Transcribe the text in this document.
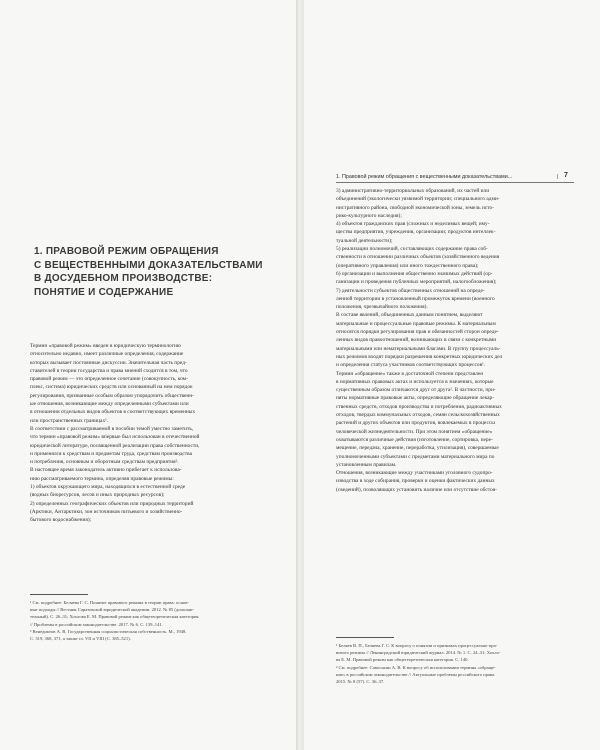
1. ПРАВОВОЙ РЕЖИМ ОБРАЩЕНИЯ
С ВЕЩЕСТВЕННЫМИ ДОКАЗАТЕЛЬСТВАМИ
В ДОСУДЕБНОМ ПРОИЗВОДСТВЕ:
ПОНЯТИЕ И СОДЕРЖАНИЕ
Термин «правовой режим» введен в юридическую терминологию
относительно недавно, имеет различные определения, содержание
которых вызывает постоянные дискуссии. Значительная часть пред-
ставителей в теории государства и права мнений сходится в том, что
правовой режим — это определенное сочетание (совокупность, ком-
плекс, система) юридических средств или основанный на нем порядок
регулирования, призванные особым образом упорядочить общественн-
ые отношения, возникающие между определенными субъектами или
в отношении отдельных видов объектов в соответствующих временных
или пространственных границах¹.
В соответствии с рассматриваемой в пособии темой уместно заметить,
что термин «правовой режим» впервые был использован в отечественной
юридической литературе, посвященной реализации права собственности,
и применялся к средствам и предметам труда, средствам производства
и потребления, основным и оборотным средствам предприятия².
В настоящее время законодатель активно прибегает к использова-
нию рассматриваемого термина, определяя правовые режимы:
1) объектов окружающего мира, находящихся в естественной среде
(водных биоресурсов, лесов и иных природных ресурсов);
2) определенных географических объектов или природных территорий
(Арктики, Антарктики, зон источников питьевого и хозяйственно-
бытового водоснабжения);
¹ См. подробнее: Беляева Г. С. Понятие правового режима в теории права: основ-
ные подходы // Вестник Саратовской юридической академии. 2012. № 85 (дополни-
тельный). С. 26–31; Хохлова Е. М. Правовой режим как общетеоретическая категория
// Проблемы в российском законодательстве. 2017. № 6. С. 139–141.
² Венедиктов А. В. Государственная социалистическая собственность. М., 1948.
С. 319, 368, 371, а также гл. VII и VIII (С. 385–521).
1. Правовой режим обращения с вещественными доказательствами...	| 7
3) административно-территориальных образований, их частей или
объединений (экологически уязвимой территории; специального адми-
нистративного района, свободной экономической зоны, земель исто-
рико-культурного наследия);
4) объектов гражданских прав (сложных и неделимых вещей; иму-
щества предприятия, учреждения, организации; продуктов интеллек-
туальной деятельности);
5) реализации полномочий, составляющих содержание права соб-
ственности в отношении различных объектов (хозяйственного ведения
(оперативного управления) или иного тождественного права);
6) организации и выполнения общественно значимых действий (ор-
ганизации и проведения публичных мероприятий, налогообложения);
7) деятельности субъектов общественных отношений на опреде-
ленной территории в установленный промежуток времени (военного
положения, чрезвычайного положения).
В составе явлений, объединенных данным понятием, выделяют
материальные и процессуальные правовые режимы. К материальным
относятся порядки регулирования прав и обязанностей сторон опреде-
ленных видов правоотношений, возникающих в связи с конкретными
материальными или нематериальными благами. В группу процессуаль-
ных режимов входят порядки разрешения конкретных юридических дел
и определения статуса участников соответствующих процессов¹.
Термин «обращение» также в достаточной степени представлен
в нормативных правовых актах и используется в значениях, которые
существенным образом отличаются друг от друга². В частности, при-
няты нормативные правовые акты, определяющие обращение лекар-
ственных средств, отходов производства и потребления, радиоактивных
отходов, твердых коммунальных отходов, семян сельскохозяйственных
растений и других объектов или продуктов, вовлекаемых в процессы
человеческой жизнедеятельности. При этом понятием «обращение»
охватываются различные действия (изготовление, сортировка, пере-
мещение, передача, хранение, переработка, утилизация), совершаемые
уполномоченными субъектами с предметами материального мира по
установленным правилам.
Отношения, возникающие между участниками уголовного судопро-
изводства в ходе собирания, проверки и оценки фактических данных
(сведений), позволяющих установить наличие или отсутствие обстоя-
¹ Беляев В. П., Беляева Г. С. К вопросу о понятии и признаках процессуально-пра-
вового режима // Ленинградский юридический журнал. 2014. № 1. С. 24–31; Хохло-
ва Е. М. Правовой режим как общетеоретическая категория. С. 140.
² См. подробнее: Савоськин А. В. К вопросу об использовании термина «обраще-
ние» в российском законодательстве // Актуальные проблемы российского права.
2015. № 8 (57). С. 36–37.
